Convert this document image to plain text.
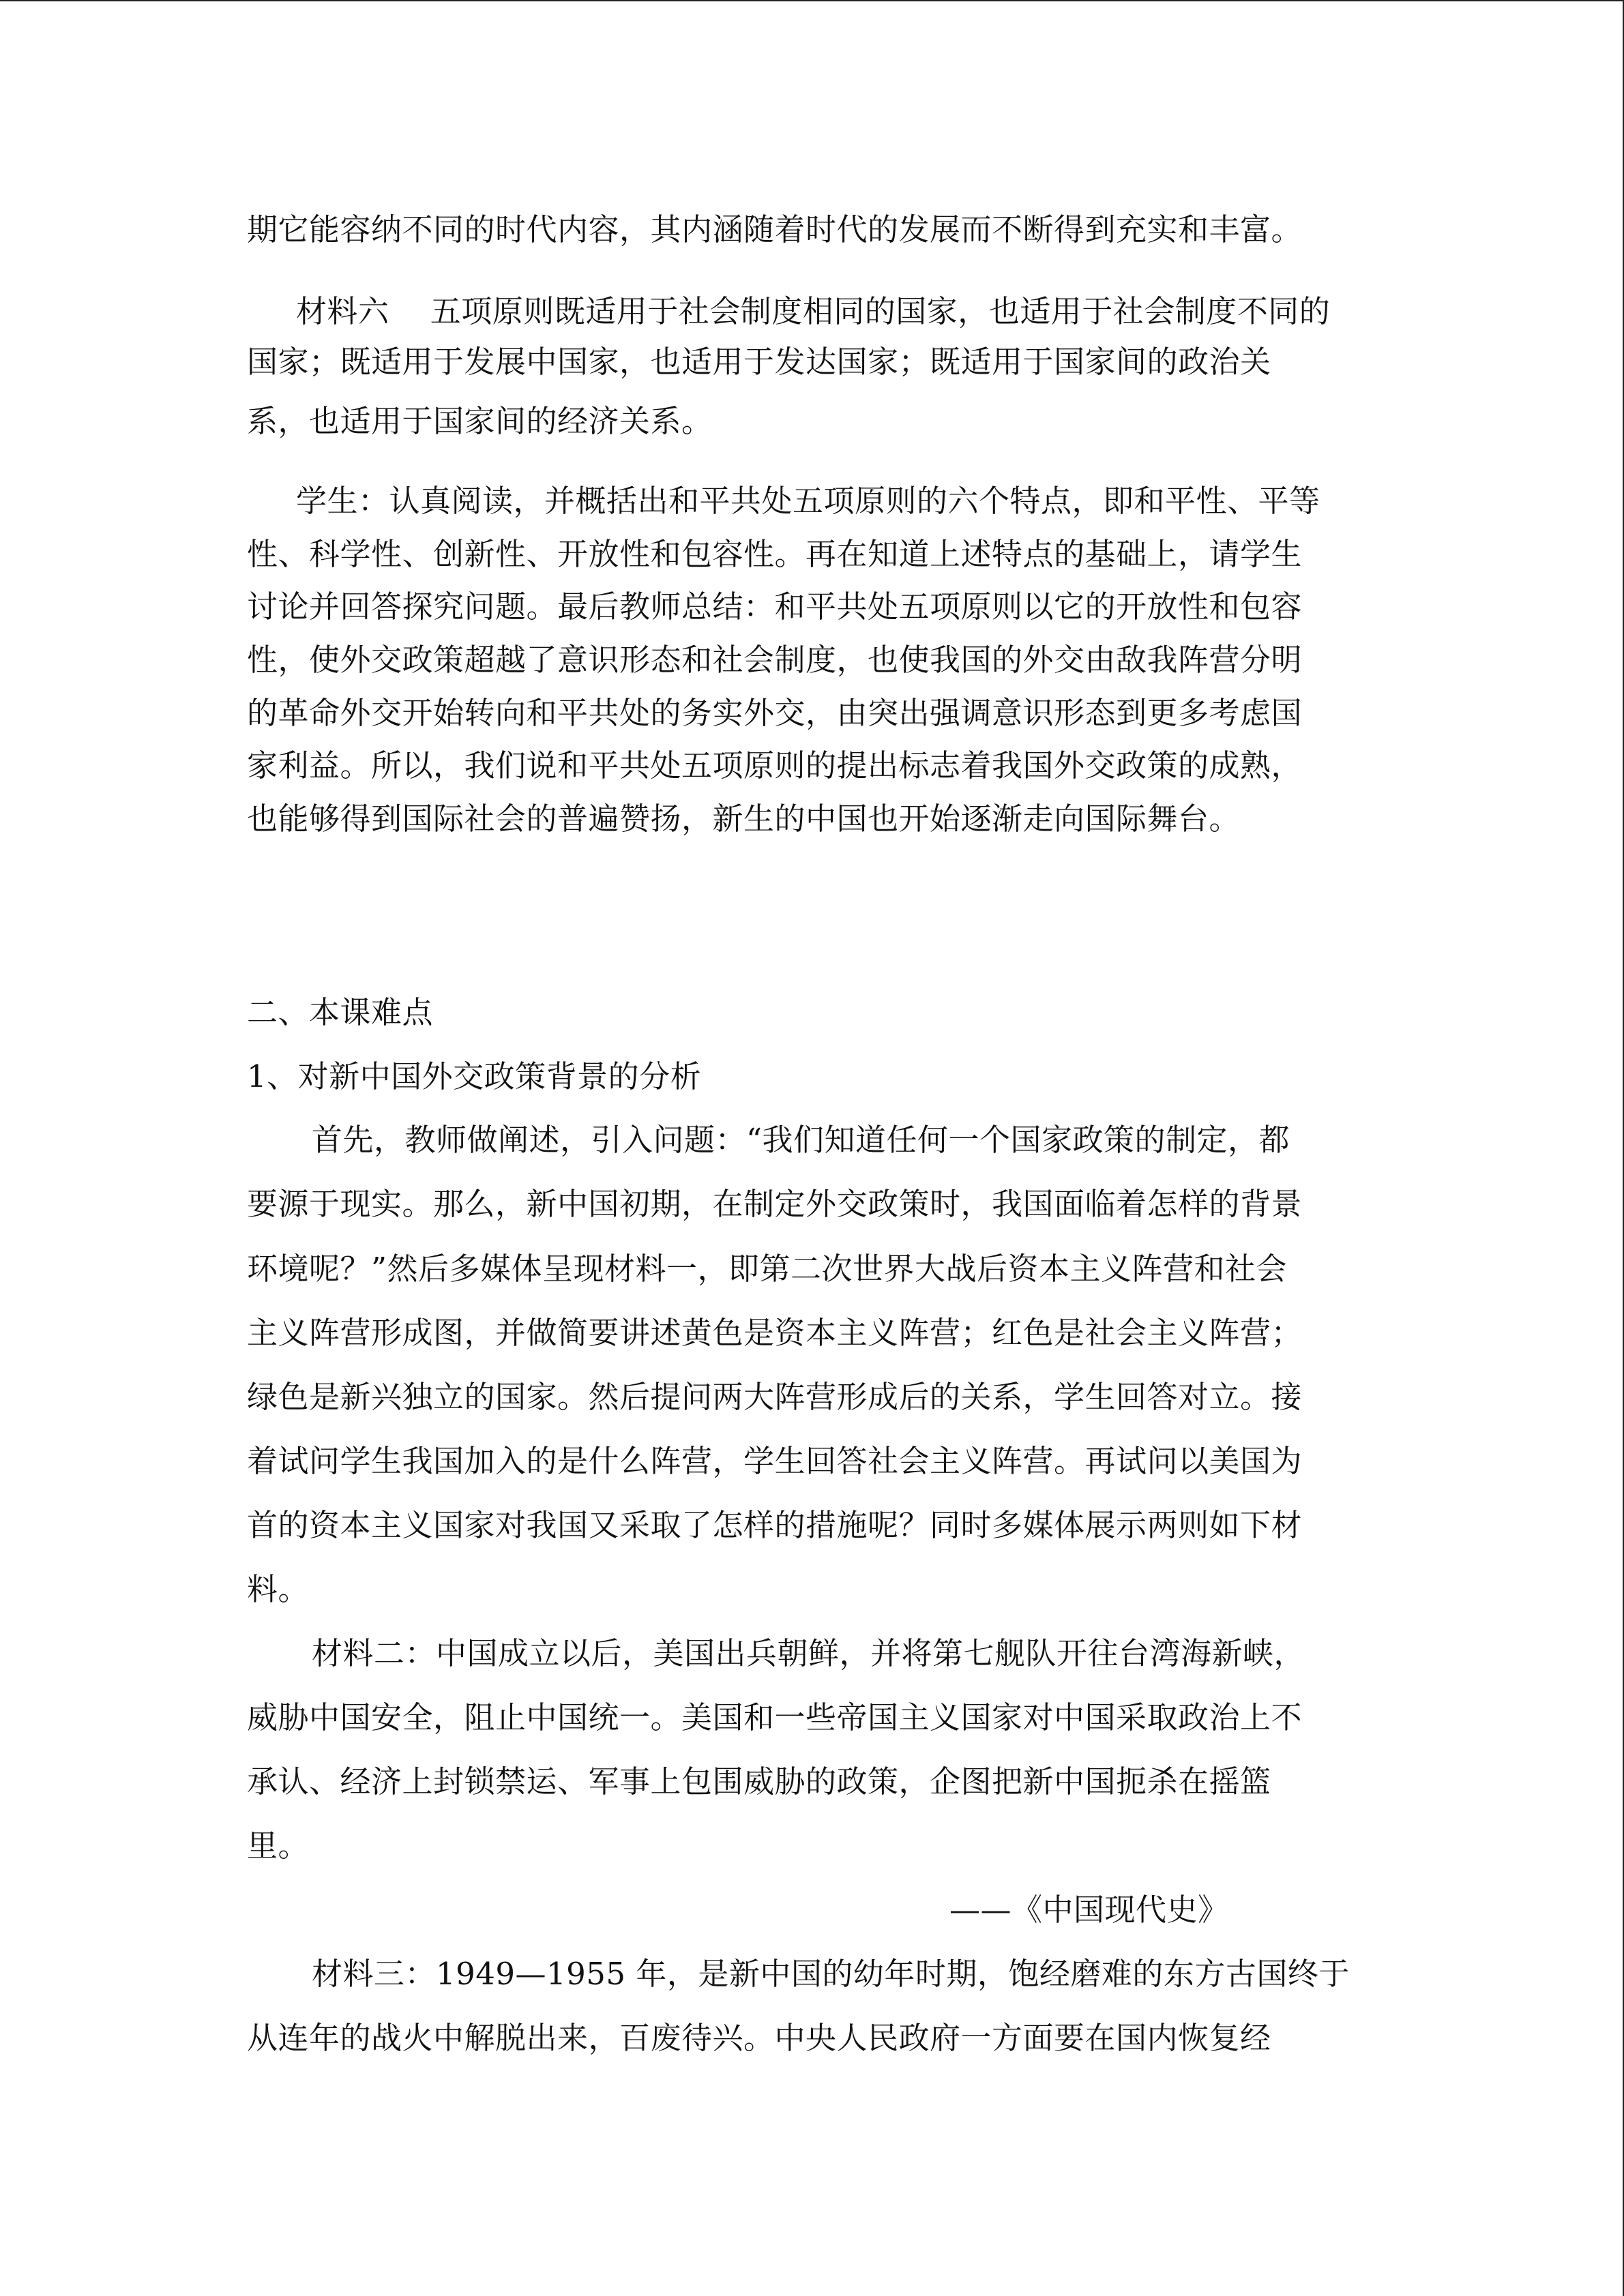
期它能容纳不同的时代内容，其内涵随着时代的发展而不断得到充实和丰富。
材料六　 五项原则既适用于社会制度相同的国家，也适用于社会制度不同的
国家；既适用于发展中国家，也适用于发达国家；既适用于国家间的政治关
系，也适用于国家间的经济关系。
学生：认真阅读，并概括出和平共处五项原则的六个特点，即和平性、平等
性、科学性、创新性、开放性和包容性。再在知道上述特点的基础上，请学生
讨论并回答探究问题。最后教师总结：和平共处五项原则以它的开放性和包容
性，使外交政策超越了意识形态和社会制度，也使我国的外交由敌我阵营分明
的革命外交开始转向和平共处的务实外交，由突出强调意识形态到更多考虑国
家利益。所以，我们说和平共处五项原则的提出标志着我国外交政策的成熟，
也能够得到国际社会的普遍赞扬，新生的中国也开始逐渐走向国际舞台。
二、本课难点
1、对新中国外交政策背景的分析
首先，教师做阐述，引入问题：“我们知道任何一个国家政策的制定，都
要源于现实。那么，新中国初期，在制定外交政策时，我国面临着怎样的背景
环境呢？”然后多媒体呈现材料一，即第二次世界大战后资本主义阵营和社会
主义阵营形成图，并做简要讲述黄色是资本主义阵营；红色是社会主义阵营；
绿色是新兴独立的国家。然后提问两大阵营形成后的关系，学生回答对立。接
着试问学生我国加入的是什么阵营，学生回答社会主义阵营。再试问以美国为
首的资本主义国家对我国又采取了怎样的措施呢？同时多媒体展示两则如下材
料。
材料二：中国成立以后，美国出兵朝鲜，并将第七舰队开往台湾海新峡，
威胁中国安全，阻止中国统一。美国和一些帝国主义国家对中国采取政治上不
承认、经济上封锁禁运、军事上包围威胁的政策，企图把新中国扼杀在摇篮
里。
——《中国现代史》
材料三：1949—1955 年，是新中国的幼年时期，饱经磨难的东方古国终于
从连年的战火中解脱出来，百废待兴。中央人民政府一方面要在国内恢复经
